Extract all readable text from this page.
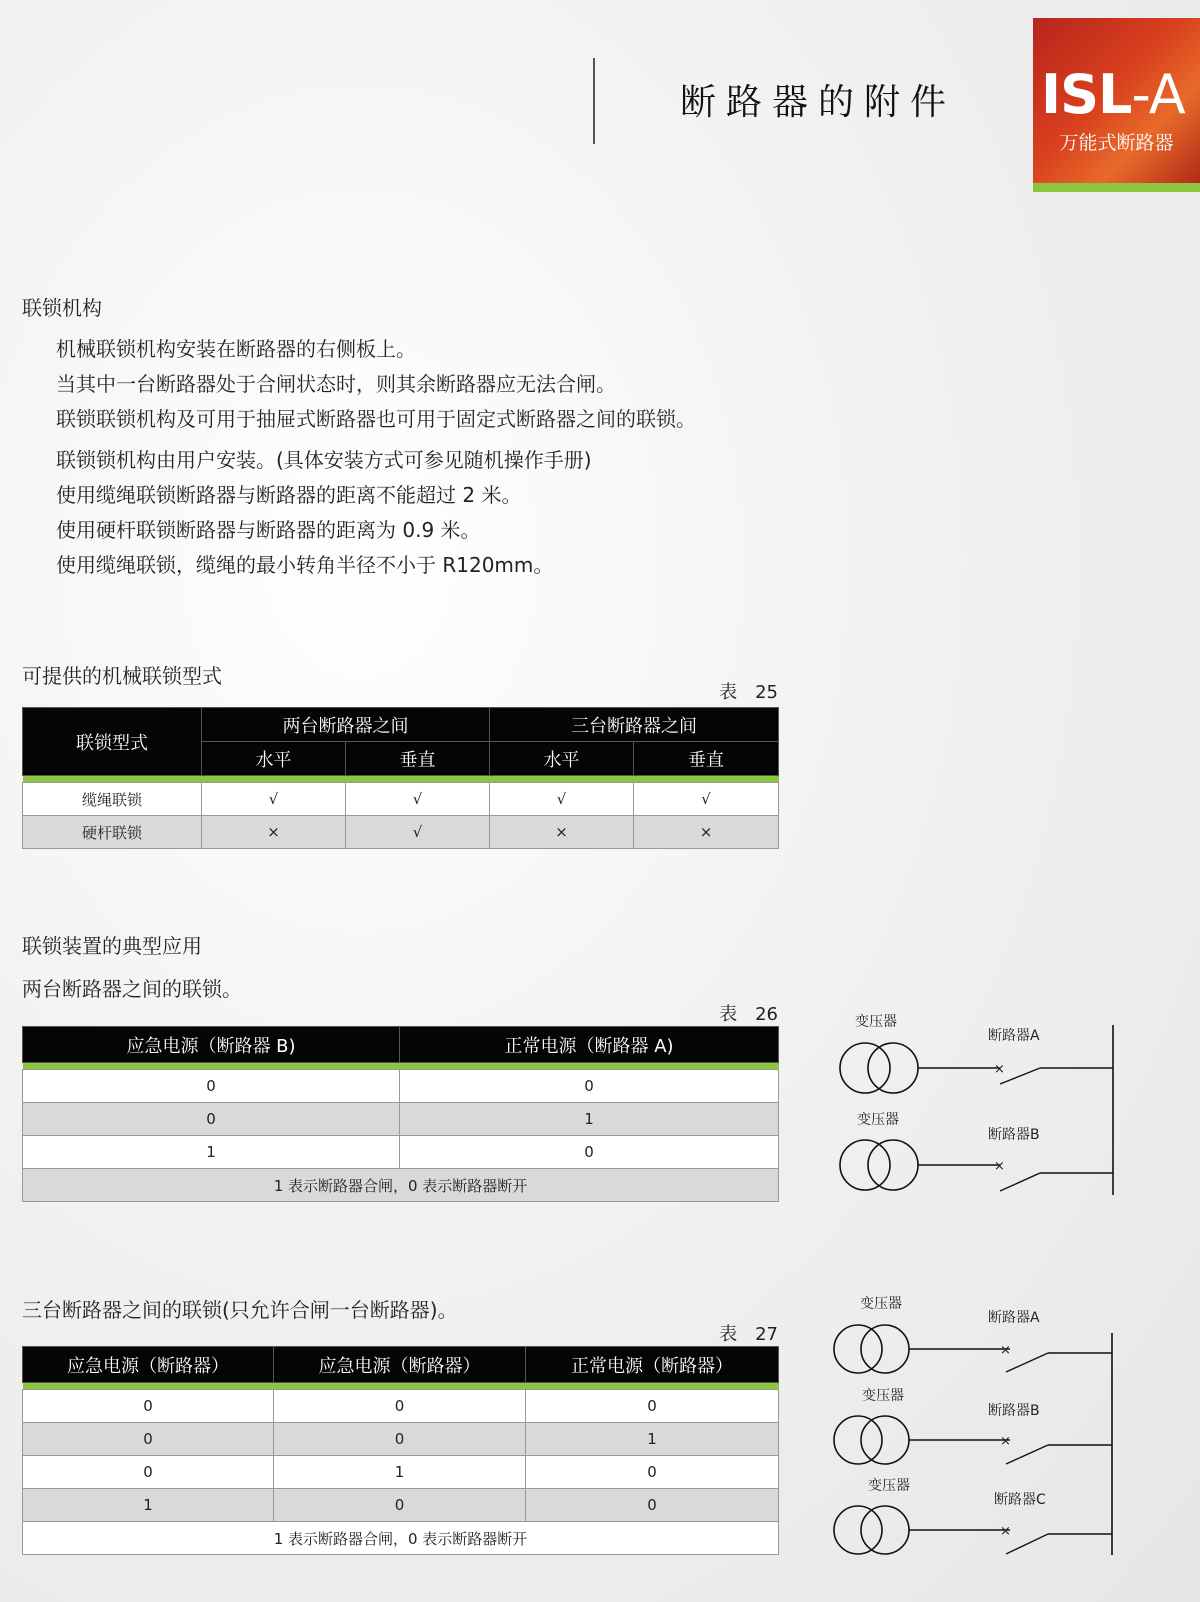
断路器的附件 ISL-A
万能式断路器
联锁机构

机械联锁机构安装在断路器的右侧板上。

当其中一台断路器处于合闸状态时，则其余断路器应无法合闸。

联锁联锁机构及可用于抽屉式断路器也可用于固定式断路器之间的联锁。

联锁锁机构由用户安装。(具体安装方式可参见随机操作手册)

使用缆绳联锁断路器与断路器的距离不能超过 2 米。

使用硬杆联锁断路器与断路器的距离为 0.9 米。

使用缆绳联锁，缆绳的最小转角半径不小于 R120mm。

可提供的机械联锁型式
表　25
联锁型式	两台断路器之间		三台断路器之间	
	水平	垂直	水平	垂直

缆绳联锁	√	√	√	√
硬杆联锁	×	√	×	×
联锁装置的典型应用
两台断路器之间的联锁。
表　26
应急电源（断路器 B)	正常电源（断路器 A)

0	0
0	1
1	0
1 表示断路器合闸，0 表示断路器断开	
变压器
断路器A
×
变压器
断路器B
×
三台断路器之间的联锁(只允许合闸一台断路器)。
表　27
应急电源（断路器）	应急电源（断路器）	正常电源（断路器）

0	0	0
0	0	1
0	1	0
1	0	0
1 表示断路器合闸，0 表示断路器断开		
变压器
断路器A
×
变压器
断路器B
×
变压器
断路器C
×
